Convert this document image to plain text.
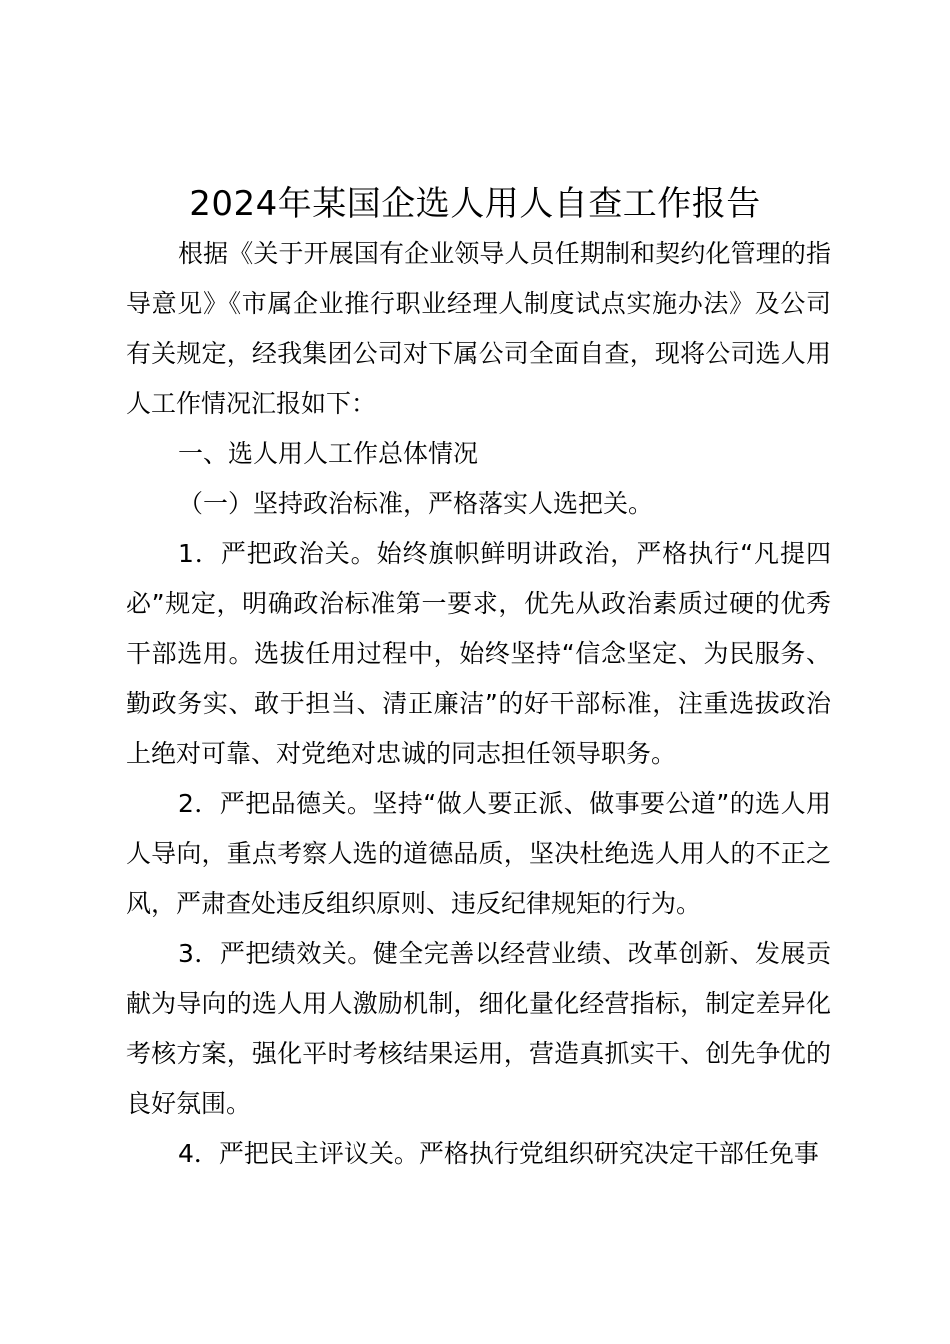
2024年某国企选人用人自查工作报告

根据《关于开展国有企业领导人员任期制和契约化管理的指导意见》《市属企业推行职业经理人制度试点实施办法》及公司有关规定，经我集团公司对下属公司全面自查，现将公司选人用人工作情况汇报如下：

一、选人用人工作总体情况

（一）坚持政治标准，严格落实人选把关。

1．严把政治关。始终旗帜鲜明讲政治，严格执行“凡提四必”规定，明确政治标准第一要求，优先从政治素质过硬的优秀干部选用。选拔任用过程中，始终坚持“信念坚定、为民服务、勤政务实、敢于担当、清正廉洁”的好干部标准，注重选拔政治上绝对可靠、对党绝对忠诚的同志担任领导职务。

2．严把品德关。坚持“做人要正派、做事要公道”的选人用人导向，重点考察人选的道德品质，坚决杜绝选人用人的不正之风，严肃查处违反组织原则、违反纪律规矩的行为。

3．严把绩效关。健全完善以经营业绩、改革创新、发展贡献为导向的选人用人激励机制，细化量化经营指标，制定差异化考核方案，强化平时考核结果运用，营造真抓实干、创先争优的良好氛围。

4．严把民主评议关。严格执行党组织研究决定干部任免事
